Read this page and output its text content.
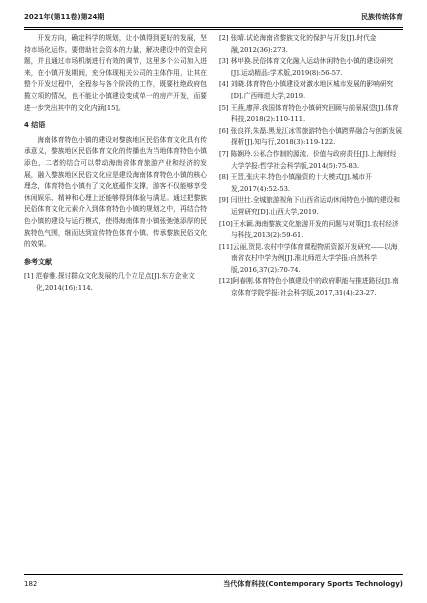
2021年(第11卷)第24期	民族传统体育

开发方向，确定科学的规划，让小镇得到更好的发展，坚持市场化运作。要借助社会资本的力量，解决建设中的资金问题，并且通过市场机制进行有效的调节，这里多个公司加入进来，在小镇开发期间，充分体现相关公司的主体作用，让其在整个开发过程中，全程参与各个阶段的工作，既要杜绝政府包揽立项的情况，也不能让小镇建设变成单一的房产开发，而要进一步突出其中的文化内涵[15]。

4 结语

海南体育特色小镇的建设对黎族地区民俗体育文化具有传承意义，黎族地区民俗体育文化的传播也为当地体育特色小镇添色，二者的结合可以带动海南省体育旅游产业和经济的发展，融入黎族地区民俗文化应是建设海南体育特色小镇的核心理念，体育特色小镇有了文化底蕴作支撑，游客不仅能够享受休闲娱乐、精神和心理上还能够得到体验与满足。通过把黎族民俗体育文化元素介入到体育特色小镇的规划之中，再结合特色小镇的建设与运行模式，使得海南体育小镇张弛弛添厚的民族特色气围，继而达到宣传特色体育小镇、传承黎族民俗文化的效果。

参考文献

[1] 范春雅.探讨群众文化发展的几个立足点[J].东方企业文化,2014(16):114.

[2] 张晴.试论海南省黎族文化的保护与开发[J].时代金融,2012(36):273.

[3] 林甲换.民俗体育文化融入运动休闲特色小镇的建设研究[J].运动精品:学术版,2019(8):56-57.

[4] 刘晓.体育特色小镇建设对激水地区城市发展的影响研究[D].广西师范大学,2019.

[5] 王燕,廖萍.我国体育特色小镇研究回顾与前景展望[J].体育科技,2018(2):110-111.

[6] 张良祥,朱磊.黑龙江冰雪旅游特色小镇跨界融合与创新发展探析[J].知与行,2018(3):119-122.

[7] 陈娴玲.公私合作制的源流、价值与政府责任[J].上海财经大学学报:哲学社会科学版,2014(5):75-83.

[8] 王晋,张庆丰.特色小镇融资的十大模式[J].城市开发,2017(4):52-53.

[9] 闫世壮.全城旅游视角下山西省运动休闲特色小镇的建设和运营研究[D].山西大学,2019.

[10]王水颖.海南黎族文化旅游开发的问题与对策[J].农村经济与科技,2013(2):59-61.

[11]云丽,贺昆.农村中学体育课程物质资源开发研究——以海南省农村中学为例[J].淮北师范大学学报:自然科学版,2016,37(2):70-74.

[12]阿春刚.体育特色小镇建设中的政府职能与推进路径[J].南京体育学院学报:社会科学版,2017,31(4):23-27.

182	当代体育科技(Contemporary Sports Technology)
